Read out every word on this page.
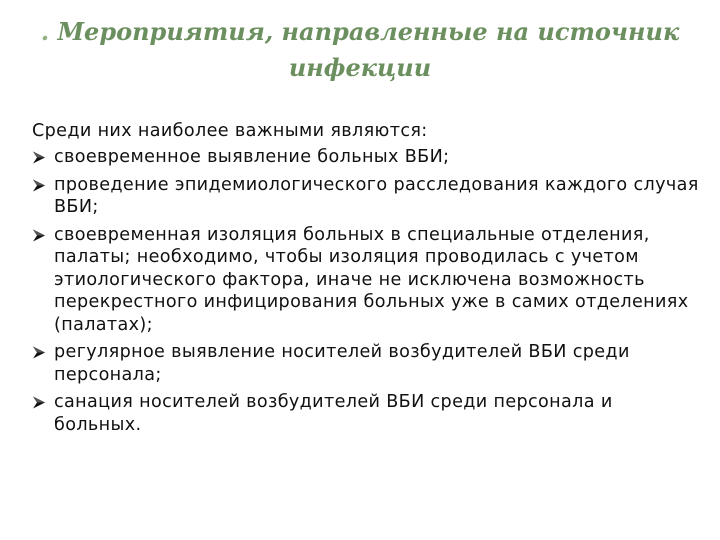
. Мероприятия, направленные на источник инфекции

Среди них наиболее важными являются:

своевременное выявление больных ВБИ;
проведение эпидемиологического расследования каждого случая ВБИ;
своевременная изоляция больных в специальные отделения, палаты; необходимо, чтобы изоляция проводилась с учетом этиологического фактора, иначе не исключена возможность перекрестного инфицирования больных уже в самих отделениях (палатах);
регулярное выявление носителей возбудителей ВБИ среди персонала;
санация носителей возбудителей ВБИ среди персонала и больных.
